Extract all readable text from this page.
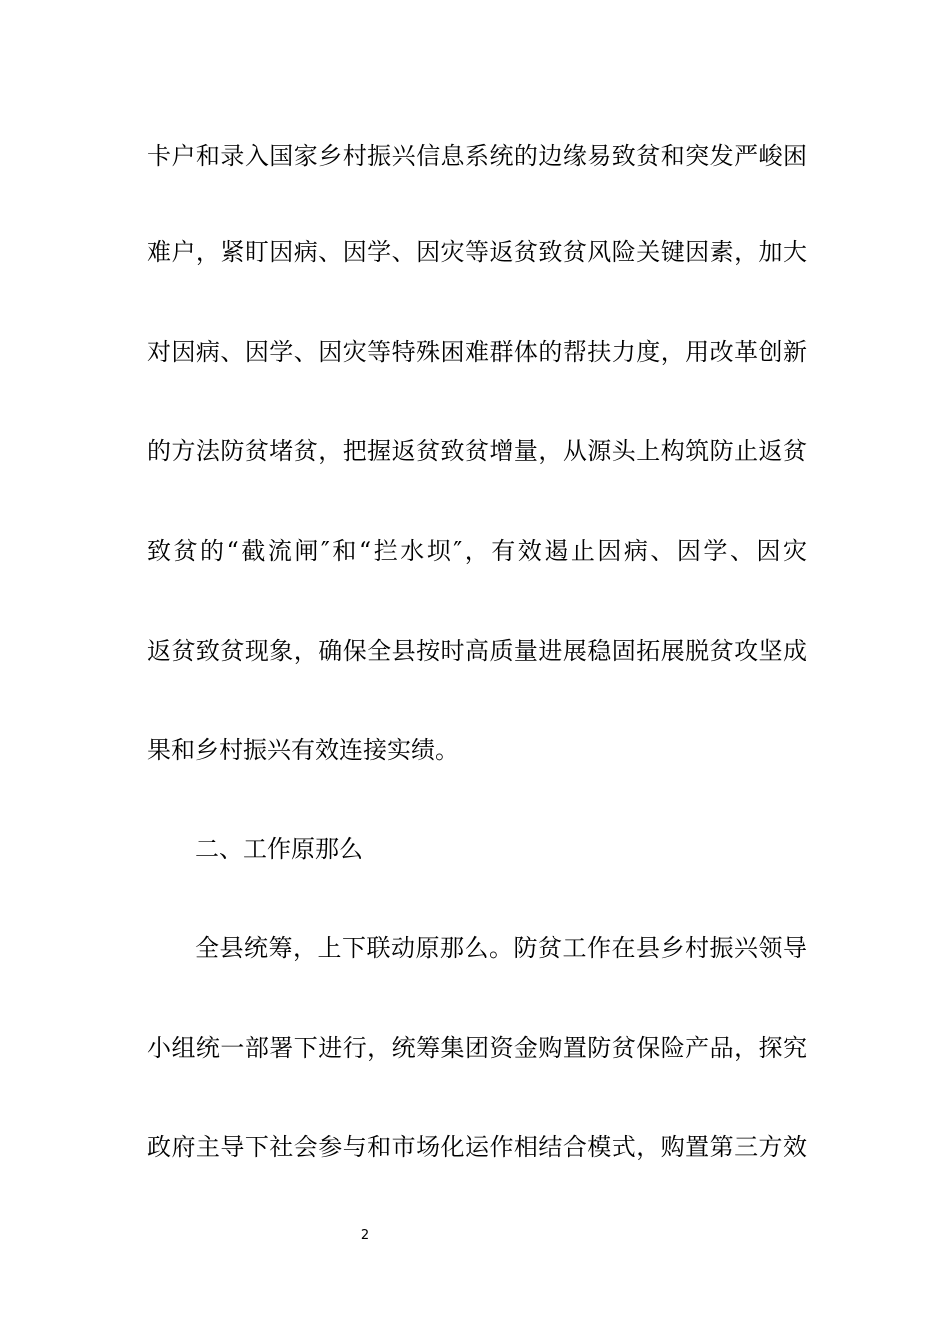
卡户和录入国家乡村振兴信息系统的边缘易致贫和突发严峻困
难户，紧盯因病、因学、因灾等返贫致贫风险关键因素，加大
对因病、因学、因灾等特殊困难群体的帮扶力度，用改革创新
的方法防贫堵贫，把握返贫致贫增量，从源头上构筑防止返贫
致贫的“截流闸″和“拦水坝″，有效遏止因病、因学、因灾
返贫致贫现象，确保全县按时高质量进展稳固拓展脱贫攻坚成
果和乡村振兴有效连接实绩。
二、工作原那么
全县统筹，上下联动原那么。防贫工作在县乡村振兴领导
小组统一部署下进行，统筹集团资金购置防贫保险产品，探究
政府主导下社会参与和市场化运作相结合模式，购置第三方效
2
